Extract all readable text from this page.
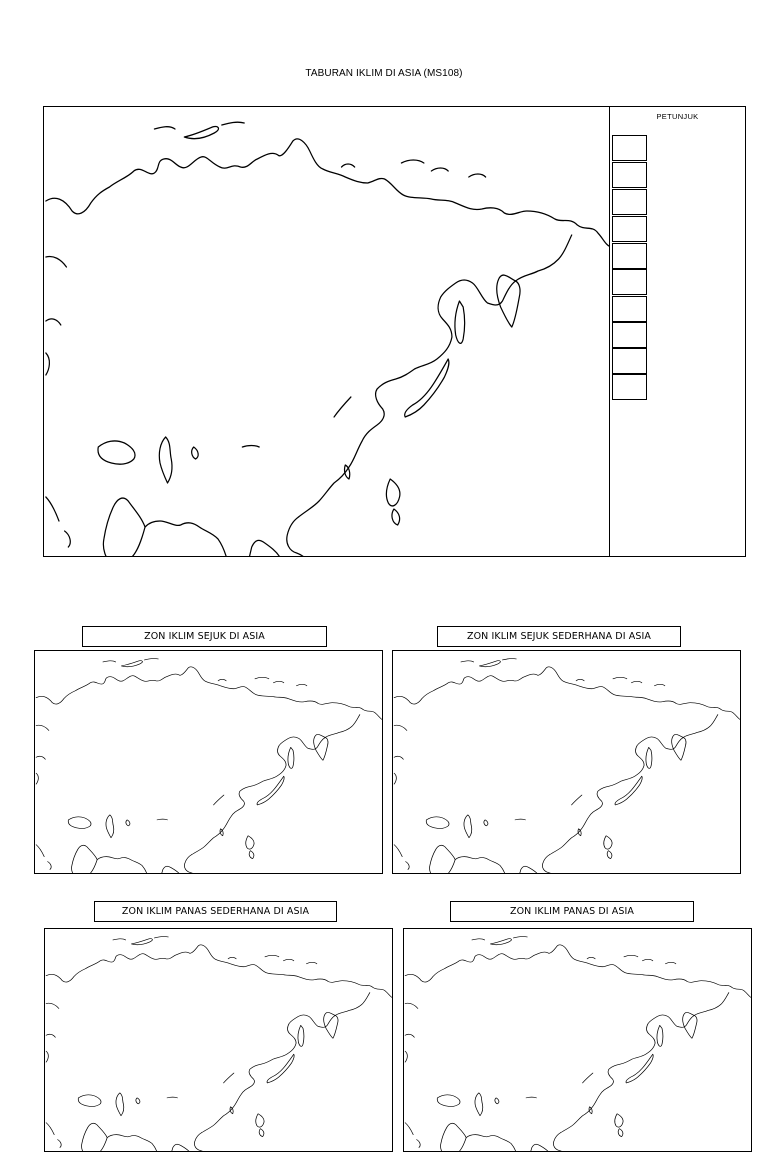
TABURAN IKLIM DI ASIA (MS108)
PETUNJUK
ZON IKLIM SEJUK DI ASIA	ZON IKLIM SEJUK SEDERHANA DI ASIA
ZON IKLIM PANAS SEDERHANA DI ASIA	ZON IKLIM PANAS DI ASIA
